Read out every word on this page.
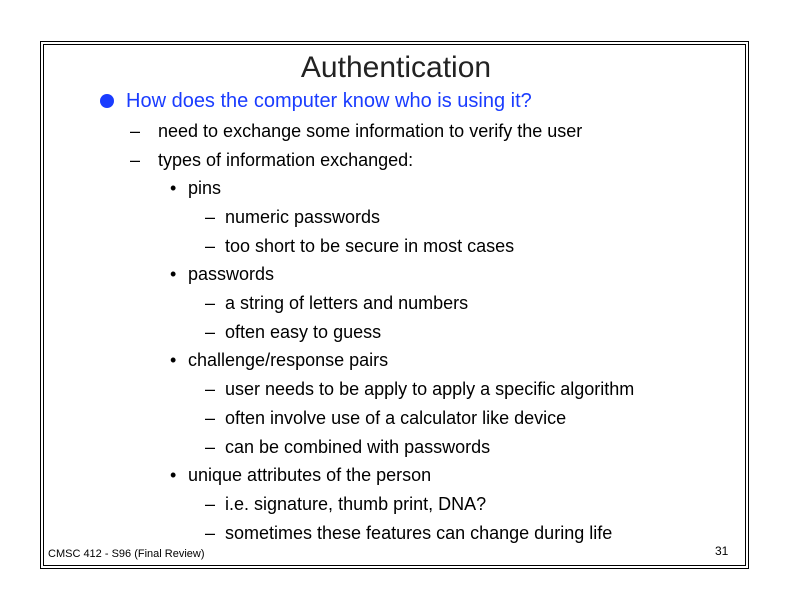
Authentication
How does the computer know who is using it?
– need to exchange some information to verify the user
– types of information exchanged:
• pins
– numeric passwords
– too short to be secure in most cases
• passwords
– a string of letters and numbers
– often easy to guess
• challenge/response pairs
– user needs to be apply to apply a specific algorithm
– often involve use of a calculator like device
– can be combined with passwords
• unique attributes of the person
– i.e. signature, thumb print, DNA?
– sometimes these features can change during life
CMSC 412 - S96 (Final Review)	31
